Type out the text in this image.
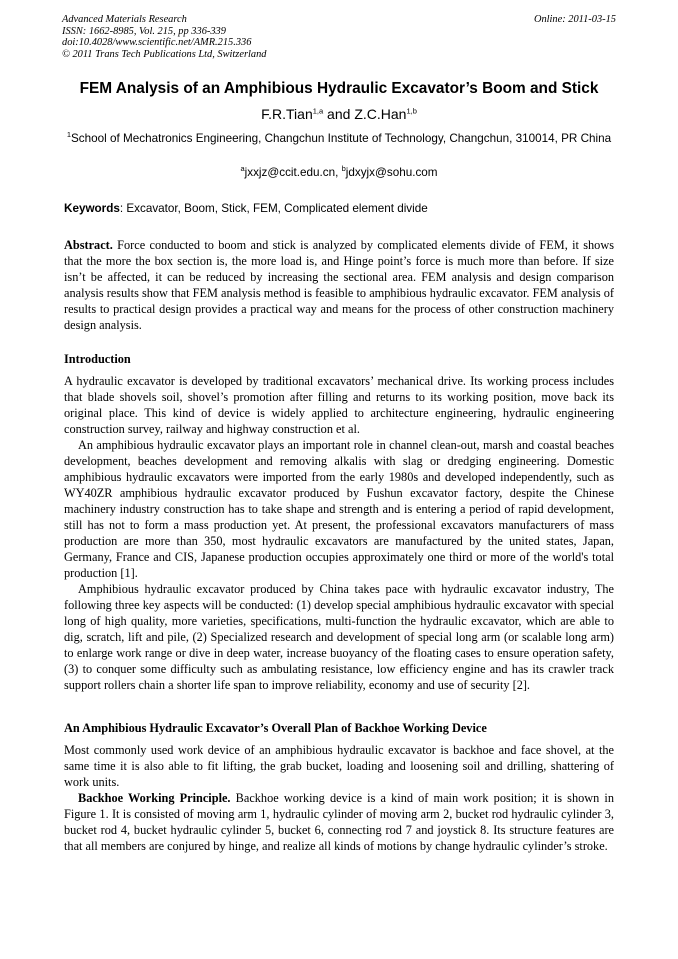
Advanced Materials Research
ISSN: 1662-8985, Vol. 215, pp 336-339
doi:10.4028/www.scientific.net/AMR.215.336
© 2011 Trans Tech Publications Ltd, Switzerland
Online: 2011-03-15
FEM Analysis of an Amphibious Hydraulic Excavator’s Boom and Stick
F.R.Tian$^{1,a}$ and Z.C.Han$^{1,b}$
$^1$School of Mechatronics Engineering, Changchun Institute of Technology, Changchun, 310014, PR China
$^a$jxxjz@ccit.edu.cn, $^b$jdxyjx@sohu.com
Keywords: Excavator, Boom, Stick, FEM, Complicated element divide

Abstract. Force conducted to boom and stick is analyzed by complicated elements divide of FEM, it shows that the more the box section is, the more load is, and Hinge point’s force is much more than before. If size isn’t be affected, it can be reduced by increasing the sectional area. FEM analysis and design comparison analysis results show that FEM analysis method is feasible to amphibious hydraulic excavator. FEM analysis of results to practical design provides a practical way and means for the process of other construction machinery design analysis.

Introduction

A hydraulic excavator is developed by traditional excavators’ mechanical drive. Its working process includes that blade shovels soil, shovel’s promotion after filling and returns to its working position, move back its original place. This kind of device is widely applied to architecture engineering, hydraulic engineering construction survey, railway and highway construction et al.

An amphibious hydraulic excavator plays an important role in channel clean-out, marsh and coastal beaches development, beaches development and removing alkalis with slag or dredging engineering. Domestic amphibious hydraulic excavators were imported from the early 1980s and developed independently, such as WY40ZR amphibious hydraulic excavator produced by Fushun excavator factory, despite the Chinese machinery industry construction has to take shape and strength and is entering a period of rapid development, still has not to form a mass production yet. At present, the professional excavators manufacturers of mass production are more than 350, most hydraulic excavators are manufactured by the united states, Japan, Germany, France and CIS, Japanese production occupies approximately one third or more of the world's total production [1].

Amphibious hydraulic excavator produced by China takes pace with hydraulic excavator industry, The following three key aspects will be conducted: (1) develop special amphibious hydraulic excavator with special long of high quality, more varieties, specifications, multi-function the hydraulic excavator, which are able to dig, scratch, lift and pile, (2) Specialized research and development of special long arm (or scalable long arm) to enlarge work range or dive in deep water, increase buoyancy of the floating cases to ensure operation safety, (3) to conquer some difficulty such as ambulating resistance, low efficiency engine and has its crawler track support rollers chain a shorter life span to improve reliability, economy and use of security [2].

An Amphibious Hydraulic Excavator’s Overall Plan of Backhoe Working Device

Most commonly used work device of an amphibious hydraulic excavator is backhoe and face shovel, at the same time it is also able to fit lifting, the grab bucket, loading and loosening soil and drilling, shattering of work units.

Backhoe Working Principle. Backhoe working device is a kind of main work position; it is shown in Figure 1. It is consisted of moving arm 1, hydraulic cylinder of moving arm 2, bucket rod hydraulic cylinder 3, bucket rod 4, bucket hydraulic cylinder 5, bucket 6, connecting rod 7 and joystick 8. Its structure features are that all members are conjured by hinge, and realize all kinds of motions by change hydraulic cylinder’s stroke.
